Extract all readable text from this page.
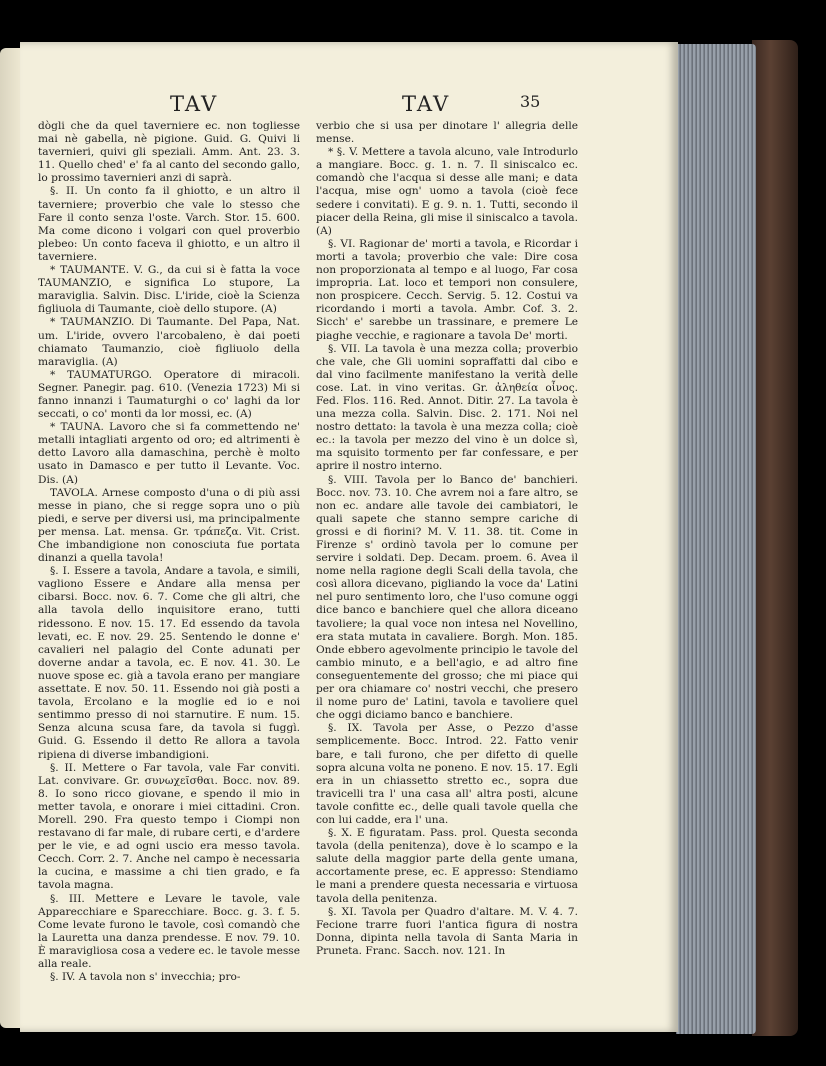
TAV	TAV	35

dògli che da quel taverniere ec. non togliesse mai nè gabella, nè pigione. Guid. G. Quivi li tavernieri, quivi gli speziali. Amm. Ant. 23. 3. 11. Quello ched' e' fa al canto del secondo gallo, lo prossimo tavernieri anzi di saprà.

§. II. Un conto fa il ghiotto, e un altro il taverniere; proverbio che vale lo stesso che Fare il conto senza l'oste. Varch. Stor. 15. 600. Ma come dicono i volgari con quel proverbio plebeo: Un conto faceva il ghiotto, e un altro il taverniere.

* TAUMANTE. V. G., da cui si è fatta la voce TAUMANZIO, e significa Lo stupore, La maraviglia. Salvin. Disc. L'iride, cioè la Scienza figliuola di Taumante, cioè dello stupore. (A)

* TAUMANZIO. Di Taumante. Del Papa, Nat. um. L'iride, ovvero l'arcobaleno, è dai poeti chiamato Taumanzio, cioè figliuolo della maraviglia. (A)

* TAUMATURGO. Operatore di miracoli. Segner. Panegir. pag. 610. (Venezia 1723) Mi si fanno innanzi i Taumaturghi o co' laghi da lor seccati, o co' monti da lor mossi, ec. (A)

* TAUNA. Lavoro che si fa commettendo ne' metalli intagliati argento od oro; ed altrimenti è detto Lavoro alla damaschina, perchè è molto usato in Damasco e per tutto il Levante. Voc. Dis. (A)

TAVOLA. Arnese composto d'una o di più assi messe in piano, che si regge sopra uno o più piedi, e serve per diversi usi, ma principalmente per mensa. Lat. mensa. Gr. τράπεζα. Vit. Crist. Che imbandigione non conosciuta fue portata dinanzi a quella tavola!

§. I. Essere a tavola, Andare a tavola, e simili, vagliono Essere e Andare alla mensa per cibarsi. Bocc. nov. 6. 7. Come che gli altri, che alla tavola dello inquisitore erano, tutti ridessono. E nov. 15. 17. Ed essendo da tavola levati, ec. E nov. 29. 25. Sentendo le donne e' cavalieri nel palagio del Conte adunati per doverne andar a tavola, ec. E nov. 41. 30. Le nuove spose ec. già a tavola erano per mangiare assettate. E nov. 50. 11. Essendo noi già posti a tavola, Ercolano e la moglie ed io e noi sentimmo presso di noi starnutire. E num. 15. Senza alcuna scusa fare, da tavola si fuggì. Guid. G. Essendo il detto Re allora a tavola ripiena di diverse imbandigioni.

§. II. Mettere o Far tavola, vale Far conviti. Lat. convivare. Gr. συνωχεῖσθαι. Bocc. nov. 89. 8. Io sono ricco giovane, e spendo il mio in metter tavola, e onorare i miei cittadini. Cron. Morell. 290. Fra questo tempo i Ciompi non restavano di far male, di rubare certi, e d'ardere per le vie, e ad ogni uscio era messo tavola. Cecch. Corr. 2. 7. Anche nel campo è necessaria la cucina, e massime a chi tien grado, e fa tavola magna.

§. III. Mettere e Levare le tavole, vale Apparecchiare e Sparecchiare. Bocc. g. 3. f. 5. Come levate furono le tavole, così comandò che la Lauretta una danza prendesse. E nov. 79. 10. È maravigliosa cosa a vedere ec. le tavole messe alla reale.

§. IV. A tavola non s' invecchia; pro-

verbio che si usa per dinotare l' allegria delle mense.

* §. V. Mettere a tavola alcuno, vale Introdurlo a mangiare. Bocc. g. 1. n. 7. Il siniscalco ec. comandò che l'acqua si desse alle mani; e data l'acqua, mise ogn' uomo a tavola (cioè fece sedere i convitati). E g. 9. n. 1. Tutti, secondo il piacer della Reina, gli mise il siniscalco a tavola. (A)

§. VI. Ragionar de' morti a tavola, e Ricordar i morti a tavola; proverbio che vale: Dire cosa non proporzionata al tempo e al luogo, Far cosa impropria. Lat. loco et tempori non consulere, non prospicere. Cecch. Servig. 5. 12. Costui va ricordando i morti a tavola. Ambr. Cof. 3. 2. Sicch' e' sarebbe un trassinare, e premere Le piaghe vecchie, e ragionare a tavola De' morti.

§. VII. La tavola è una mezza colla; proverbio che vale, che Gli uomini sopraffatti dal cibo e dal vino facilmente manifestano la verità delle cose. Lat. in vino veritas. Gr. ἀληθεία οἶνος. Fed. Flos. 116. Red. Annot. Ditir. 27. La tavola è una mezza colla. Salvin. Disc. 2. 171. Noi nel nostro dettato: la tavola è una mezza colla; cioè ec.: la tavola per mezzo del vino è un dolce sì, ma squisito tormento per far confessare, e per aprire il nostro interno.

§. VIII. Tavola per lo Banco de' banchieri. Bocc. nov. 73. 10. Che avrem noi a fare altro, se non ec. andare alle tavole dei cambiatori, le quali sapete che stanno sempre cariche di grossi e di fiorini? M. V. 11. 38. tit. Come in Firenze s' ordinò tavola per lo comune per servire i soldati. Dep. Decam. proem. 6. Avea il nome nella ragione degli Scali della tavola, che così allora dicevano, pigliando la voce da' Latini nel puro sentimento loro, che l'uso comune oggi dice banco e banchiere quel che allora diceano tavoliere; la qual voce non intesa nel Novellino, era stata mutata in cavaliere. Borgh. Mon. 185. Onde ebbero agevolmente principio le tavole del cambio minuto, e a bell'agio, e ad altro fine conseguentemente del grosso; che mi piace qui per ora chiamare co' nostri vecchi, che presero il nome puro de' Latini, tavola e tavoliere quel che oggi diciamo banco e banchiere.

§. IX. Tavola per Asse, o Pezzo d'asse semplicemente. Bocc. Introd. 22. Fatto venir bare, e tali furono, che per difetto di quelle sopra alcuna volta ne poneno. E nov. 15. 17. Egli era in un chiassetto stretto ec., sopra due travicelli tra l' una casa all' altra posti, alcune tavole confitte ec., delle quali tavole quella che con lui cadde, era l' una.

§. X. E figuratam. Pass. prol. Questa seconda tavola (della penitenza), dove è lo scampo e la salute della maggior parte della gente umana, accortamente prese, ec. E appresso: Stendiamo le mani a prendere questa necessaria e virtuosa tavola della penitenza.

§. XI. Tavola per Quadro d'altare. M. V. 4. 7. Fecione trarre fuori l'antica figura di nostra Donna, dipinta nella tavola di Santa Maria in Pruneta. Franc. Sacch. nov. 121. In
